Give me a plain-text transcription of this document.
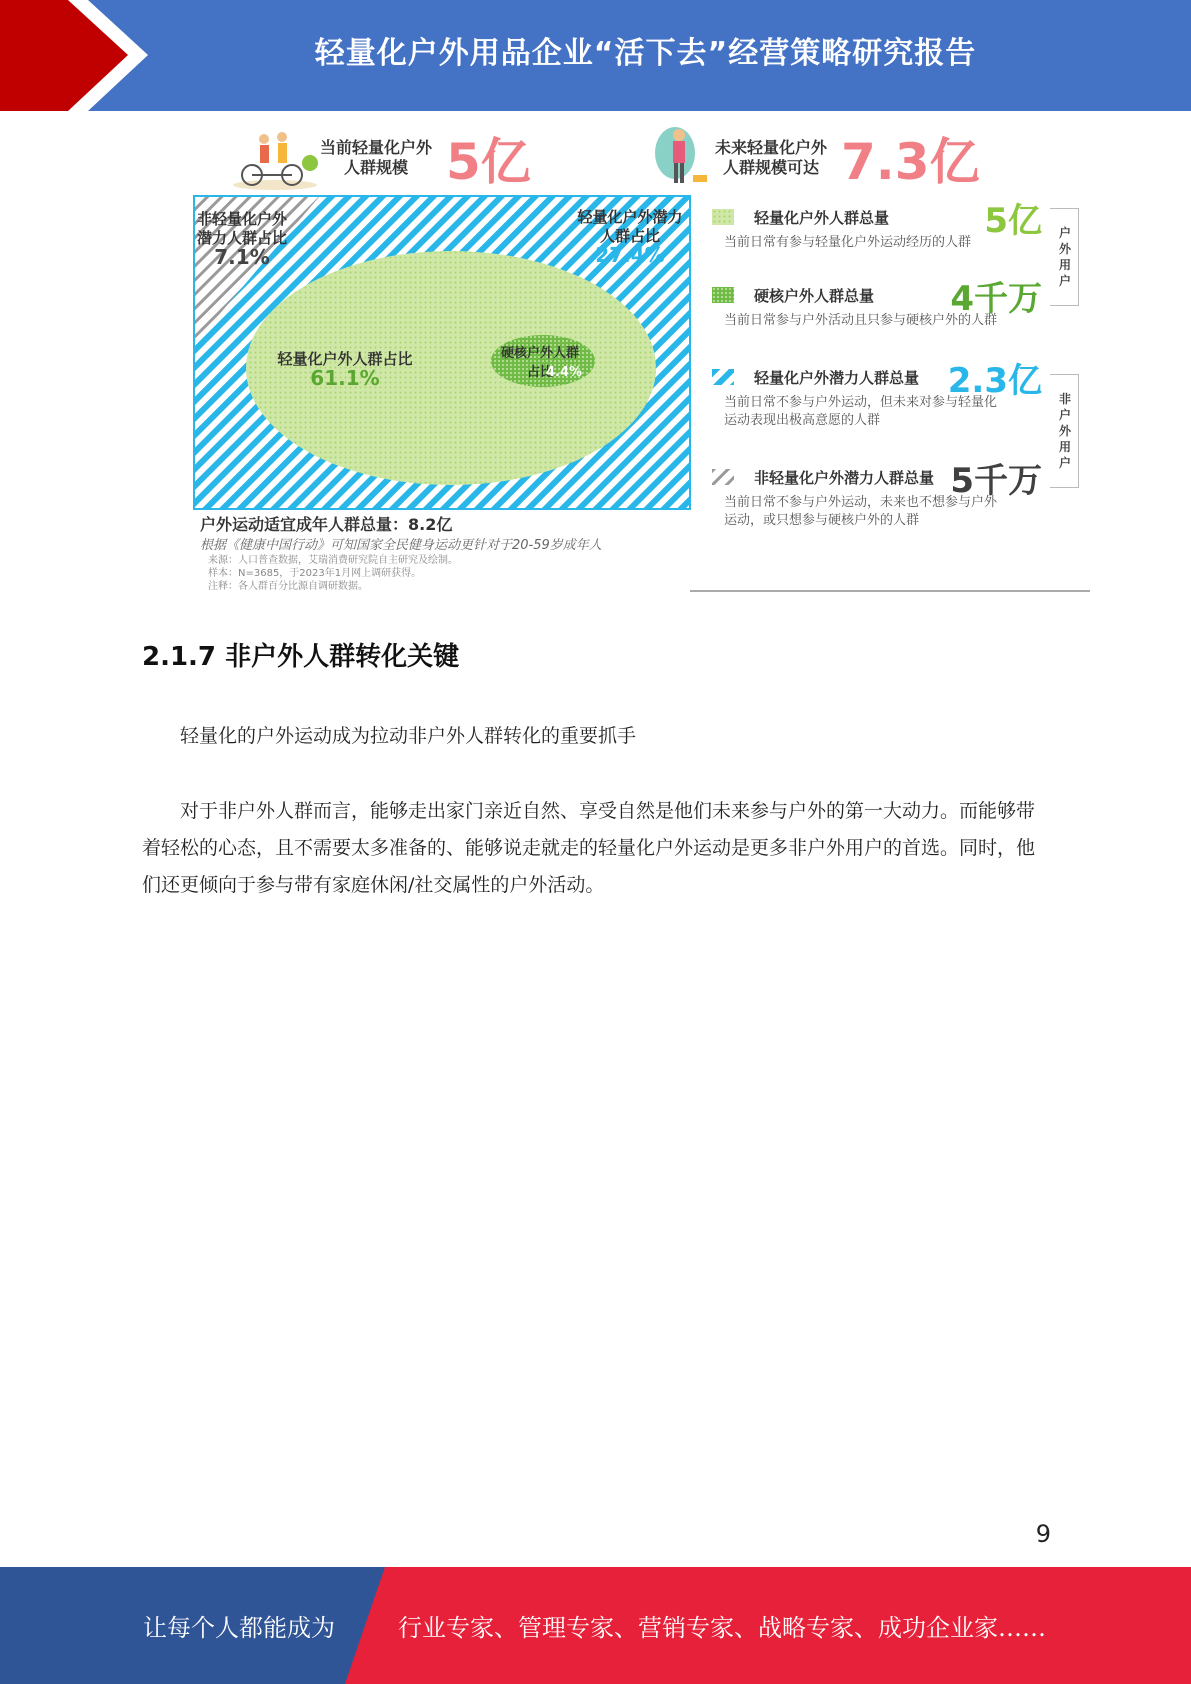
轻量化户外用品企业“活下去”经营策略研究报告
当前轻量化户外
人群规模 5亿	未来轻量化户外
人群规模可达 7.3亿
非轻量化户外
潜力人群占比
7.1%
轻量化户外潜力
人群占比
27.4%
轻量化户外人群占比
61.1%
硬核户外人群
占比
4.4%
户外运动适宜成年人群总量：8.2亿
根据《健康中国行动》可知国家全民健身运动更针对于20-59岁成年人
来源：人口普查数据，艾瑞消费研究院自主研究及绘制。
样本：N=3685，于2023年1月网上调研获得。
注释：各人群百分比源自调研数据。
轻量化户外人群总量	5亿
当前日常有参与轻量化户外运动经历的人群
硬核户外人群总量	4千万
当前日常参与户外活动且只参与硬核户外的人群
轻量化户外潜力人群总量 2.3亿
当前日常不参与户外运动，但未来对参与轻量化
运动表现出极高意愿的人群
非轻量化户外潜力人群总量 5千万
当前日常不参与户外运动，未来也不想参与户外
运动，或只想参与硬核户外的人群
户外用户
非户外用户
2.1.7 非户外人群转化关键
轻量化的户外运动成为拉动非户外人群转化的重要抓手
对于非户外人群而言，能够走出家门亲近自然、享受自然是他们未来参与户外的第一大动力。而能够带着轻松的心态，且不需要太多准备的、能够说走就走的轻量化户外运动是更多非户外用户的首选。同时，他们还更倾向于参与带有家庭休闲/社交属性的户外活动。
9
让每个人都能成为	行业专家、管理专家、营销专家、战略专家、成功企业家……
